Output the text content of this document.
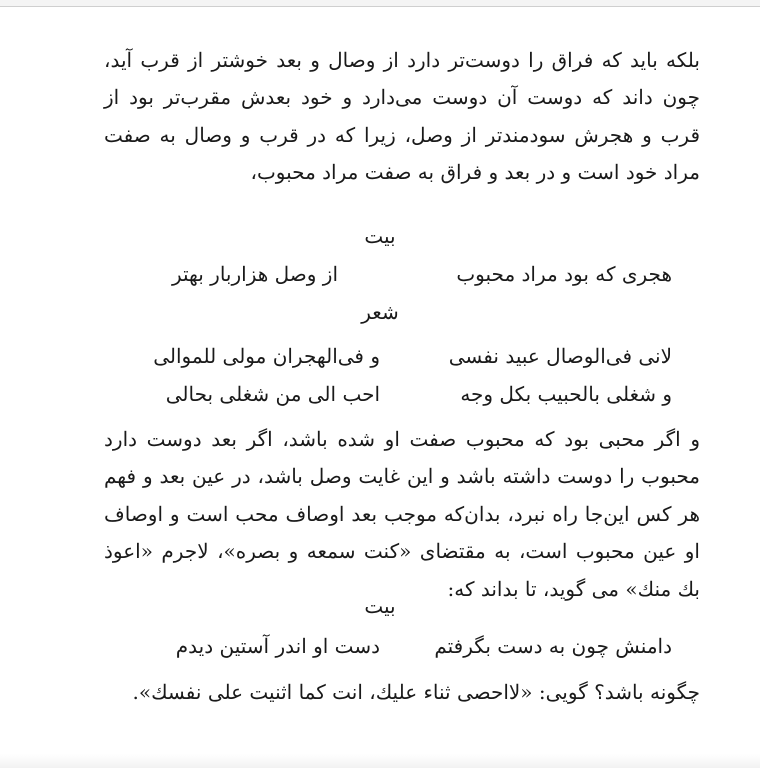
بلکه باید که فراق را دوست‌تر دارد از وصال و بعد خوشتر از قرب آید، چون داند که دوست آن دوست می‌دارد و خود بعدش مقرب‌تر بود از قرب و هجرش سودمندتر از وصل، زیرا که در قرب و وصال به صفت مراد خود است و در بعد و فراق به صفت مراد محبوب،
بیت
هجری که بود مراد محبوب
از وصل هزاربار بهتر
شعر
لانی فی‌الوصال عبید نفسی
و فی‌الهجران مولی للموالی
و شغلی بالحبیب بکل وجه
احب الی من شغلی بحالی
و اگر محبی بود که محبوب صفت او شده باشد، اگر بعد دوست دارد محبوب را دوست داشته باشد و این غایت وصل باشد، در عین بعد و فهم هر کس این‌جا راه نبرد، بدان‌که موجب بعد اوصاف محب است و اوصاف او عین محبوب است، به مقتضای «کنت سمعه و بصره»، لاجرم «اعوذ بك منك» می گوید، تا بداند که:
بیت
دامنش چون به دست بگرفتم
دست او اندر آستین دیدم
چگونه باشد؟ گویی: «لااحصی ثناء علیك، انت كما اثنیت علی نفسك».
